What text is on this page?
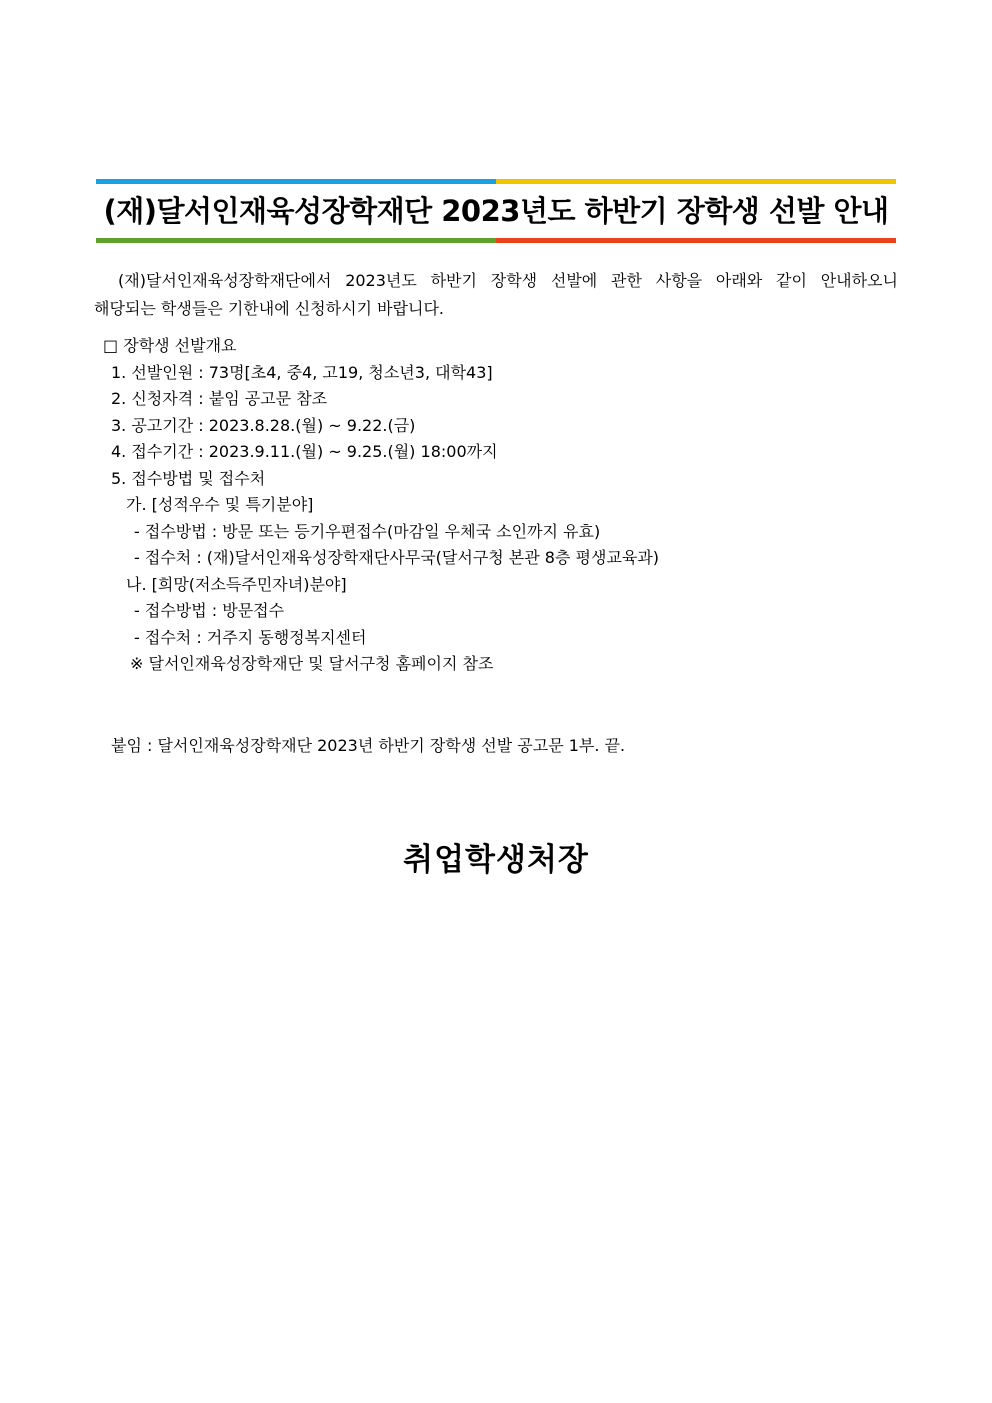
(재)달서인재육성장학재단 2023년도 하반기 장학생 선발 안내
(재)달서인재육성장학재단에서 2023년도 하반기 장학생 선발에 관한 사항을 아래와 같이 안내하오니
해당되는 학생들은 기한내에 신청하시기 바랍니다.
□ 장학생 선발개요
1. 선발인원 : 73명[초4, 중4, 고19, 청소년3, 대학43]
2. 신청자격 : 붙임 공고문 참조
3. 공고기간 : 2023.8.28.(월) ~ 9.22.(금)
4. 접수기간 : 2023.9.11.(월) ~ 9.25.(월) 18:00까지
5. 접수방법 및 접수처
가. [성적우수 및 특기분야]
- 접수방법 : 방문 또는 등기우편접수(마감일 우체국 소인까지 유효)
- 접수처 : (재)달서인재육성장학재단사무국(달서구청 본관 8층 평생교육과)
나. [희망(저소득주민자녀)분야]
- 접수방법 : 방문접수
- 접수처 : 거주지 동행정복지센터
※ 달서인재육성장학재단 및 달서구청 홈페이지 참조
붙임 : 달서인재육성장학재단 2023년 하반기 장학생 선발 공고문 1부. 끝.
취업학생처장
